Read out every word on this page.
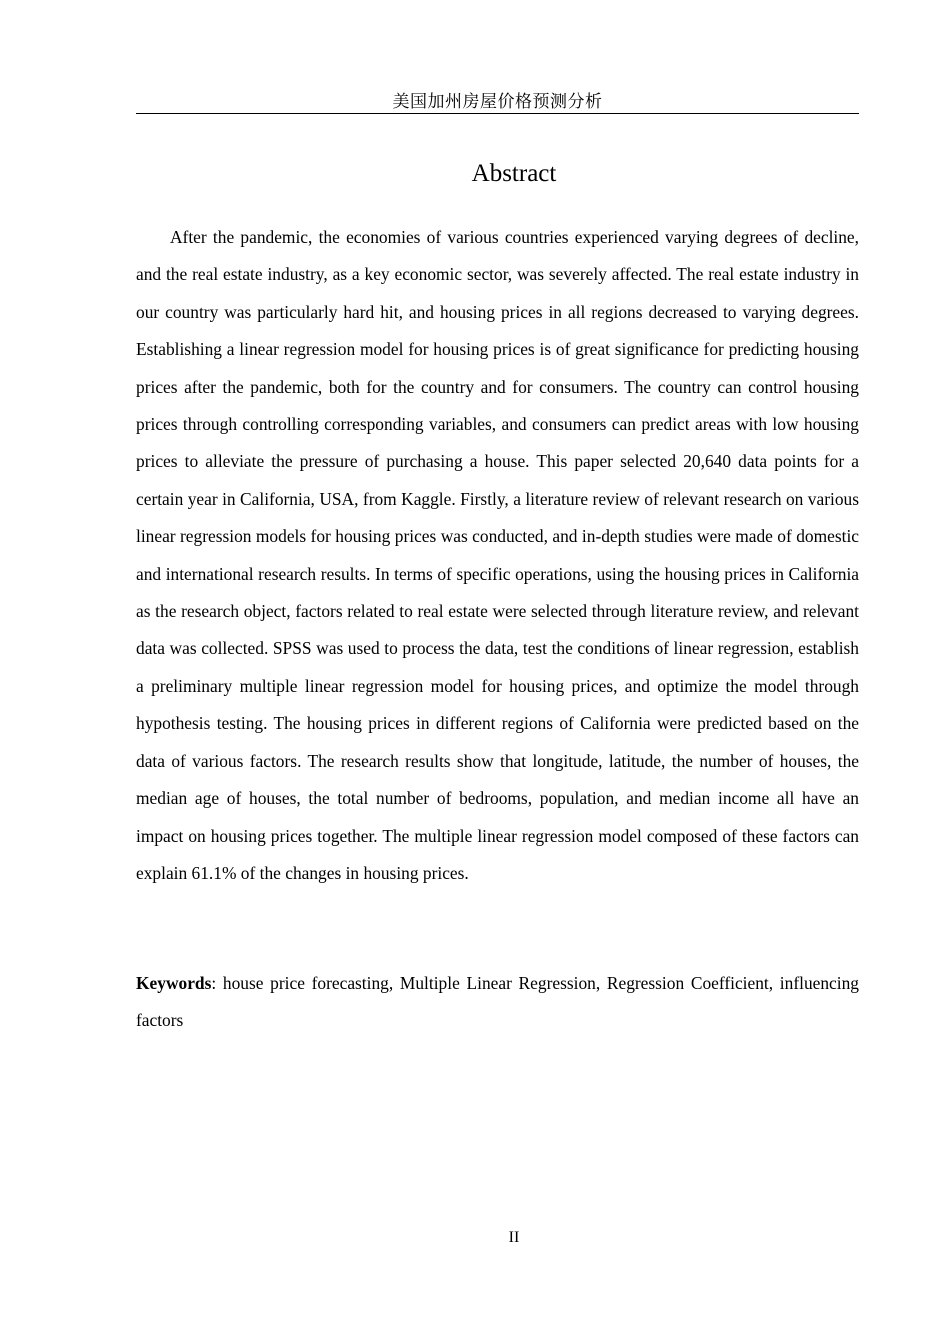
美国加州房屋价格预测分析
Abstract

After the pandemic, the economies of various countries experienced varying degrees of decline, and the real estate industry, as a key economic sector, was severely affected. The real estate industry in our country was particularly hard hit, and housing prices in all regions decreased to varying degrees. Establishing a linear regression model for housing prices is of great significance for predicting housing prices after the pandemic, both for the country and for consumers. The country can control housing prices through controlling corresponding variables, and consumers can predict areas with low housing prices to alleviate the pressure of purchasing a house. This paper selected 20,640 data points for a certain year in California, USA, from Kaggle. Firstly, a literature review of relevant research on various linear regression models for housing prices was conducted, and in-depth studies were made of domestic and international research results. In terms of specific operations, using the housing prices in California as the research object, factors related to real estate were selected through literature review, and relevant data was collected. SPSS was used to process the data, test the conditions of linear regression, establish a preliminary multiple linear regression model for housing prices, and optimize the model through hypothesis testing. The housing prices in different regions of California were predicted based on the data of various factors. The research results show that longitude, latitude, the number of houses, the median age of houses, the total number of bedrooms, population, and median income all have an impact on housing prices together. The multiple linear regression model composed of these factors can explain 61.1% of the changes in housing prices.

Keywords: house price forecasting, Multiple Linear Regression, Regression Coefficient, influencing factors

II
